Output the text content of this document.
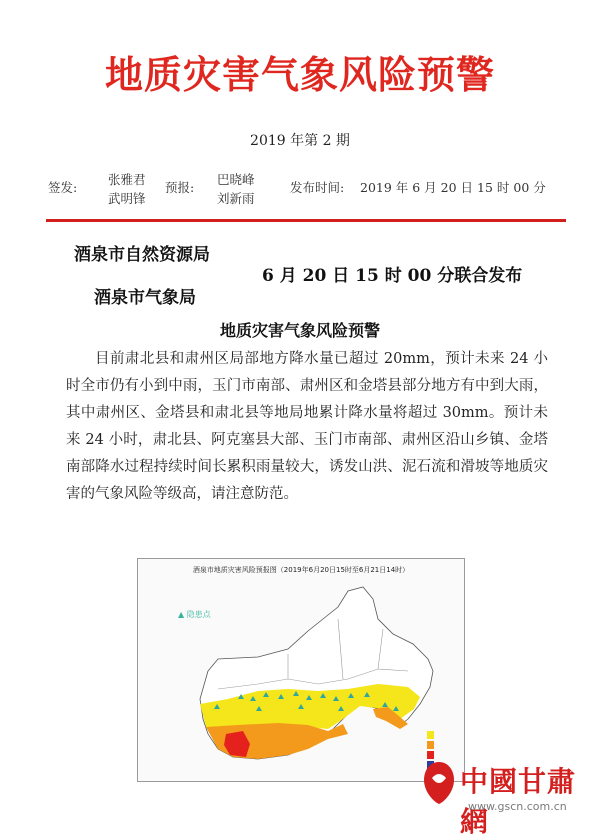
地质灾害气象风险预警
2019 年第 2 期
签发:
张雅君
武明锋
预报:
巴晓峰
刘新雨
发布时间: 2019 年 6 月 20 日 15 时 00 分
酒泉市自然资源局
酒泉市气象局
6 月 20 日 15 时 00 分联合发布
地质灾害气象风险预警
目前肃北县和肃州区局部地方降水量已超过 20mm，预计未来 24 小时全市仍有小到中雨，玉门市南部、肃州区和金塔县部分地方有中到大雨，其中肃州区、金塔县和肃北县等地局地累计降水量将超过 30mm。预计未来 24 小时，肃北县、阿克塞县大部、玉门市南部、肃州区沿山乡镇、金塔南部降水过程持续时间长累积雨量较大，诱发山洪、泥石流和滑坡等地质灾害的气象风险等级高，请注意防范。
酒泉市地质灾害风险预报图（2019年6月20日15时至6月21日14时）
▲ 隐患点
中國甘肅網
www.gscn.com.cn
